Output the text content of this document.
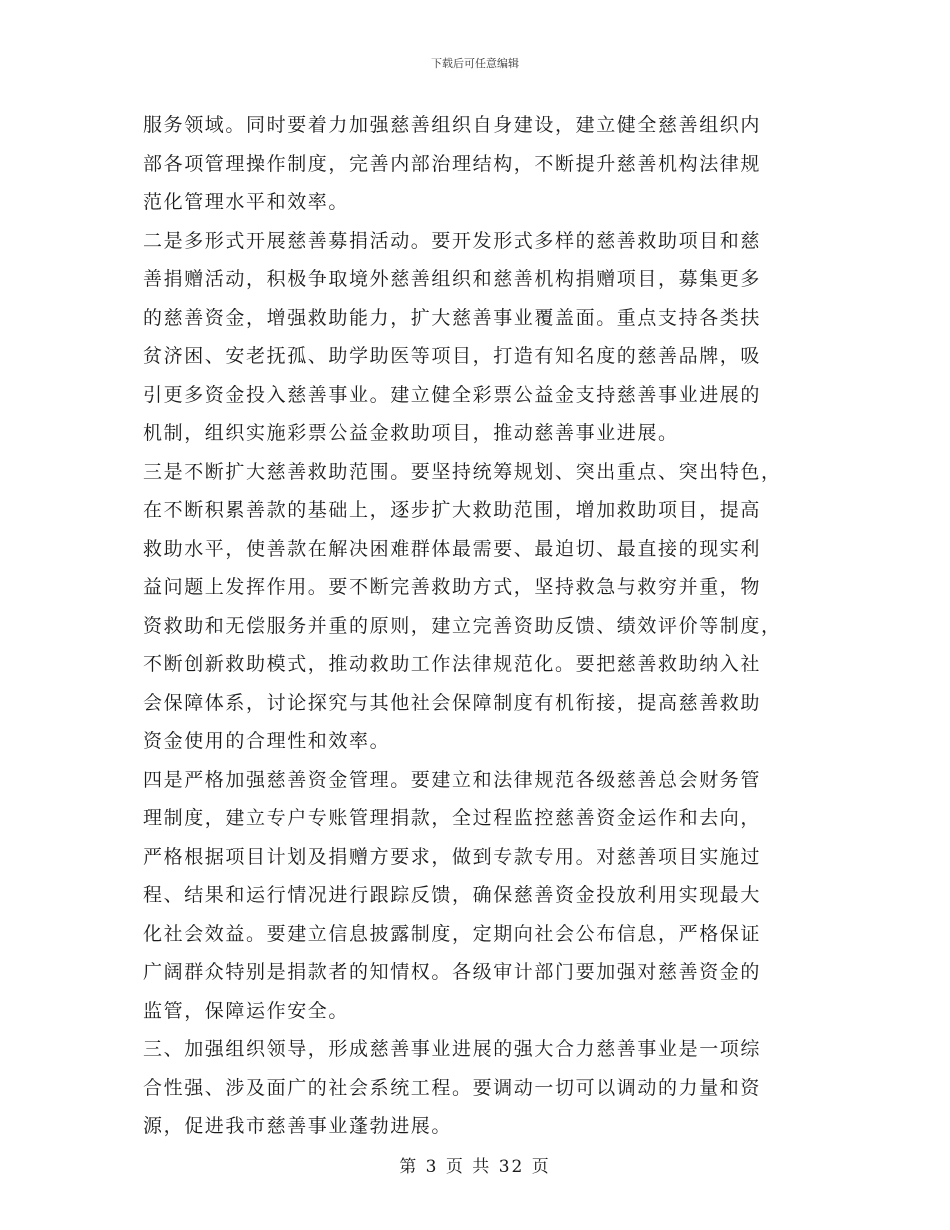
下载后可任意编辑
服务领域。同时要着力加强慈善组织自身建设，建立健全慈善组织内
部各项管理操作制度，完善内部治理结构，不断提升慈善机构法律规
范化管理水平和效率。
二是多形式开展慈善募捐活动。要开发形式多样的慈善救助项目和慈
善捐赠活动，积极争取境外慈善组织和慈善机构捐赠项目，募集更多
的慈善资金，增强救助能力，扩大慈善事业覆盖面。重点支持各类扶
贫济困、安老抚孤、助学助医等项目，打造有知名度的慈善品牌，吸
引更多资金投入慈善事业。建立健全彩票公益金支持慈善事业进展的
机制，组织实施彩票公益金救助项目，推动慈善事业进展。
三是不断扩大慈善救助范围。要坚持统筹规划、突出重点、突出特色，
在不断积累善款的基础上，逐步扩大救助范围，增加救助项目，提高
救助水平，使善款在解决困难群体最需要、最迫切、最直接的现实利
益问题上发挥作用。要不断完善救助方式，坚持救急与救穷并重，物
资救助和无偿服务并重的原则，建立完善资助反馈、绩效评价等制度，
不断创新救助模式，推动救助工作法律规范化。要把慈善救助纳入社
会保障体系，讨论探究与其他社会保障制度有机衔接，提高慈善救助
资金使用的合理性和效率。
四是严格加强慈善资金管理。要建立和法律规范各级慈善总会财务管
理制度，建立专户专账管理捐款，全过程监控慈善资金运作和去向，
严格根据项目计划及捐赠方要求，做到专款专用。对慈善项目实施过
程、结果和运行情况进行跟踪反馈，确保慈善资金投放利用实现最大
化社会效益。要建立信息披露制度，定期向社会公布信息，严格保证
广阔群众特别是捐款者的知情权。各级审计部门要加强对慈善资金的
监管，保障运作安全。
三、加强组织领导，形成慈善事业进展的强大合力慈善事业是一项综
合性强、涉及面广的社会系统工程。要调动一切可以调动的力量和资
源，促进我市慈善事业蓬勃进展。
第 3 页 共 32 页
